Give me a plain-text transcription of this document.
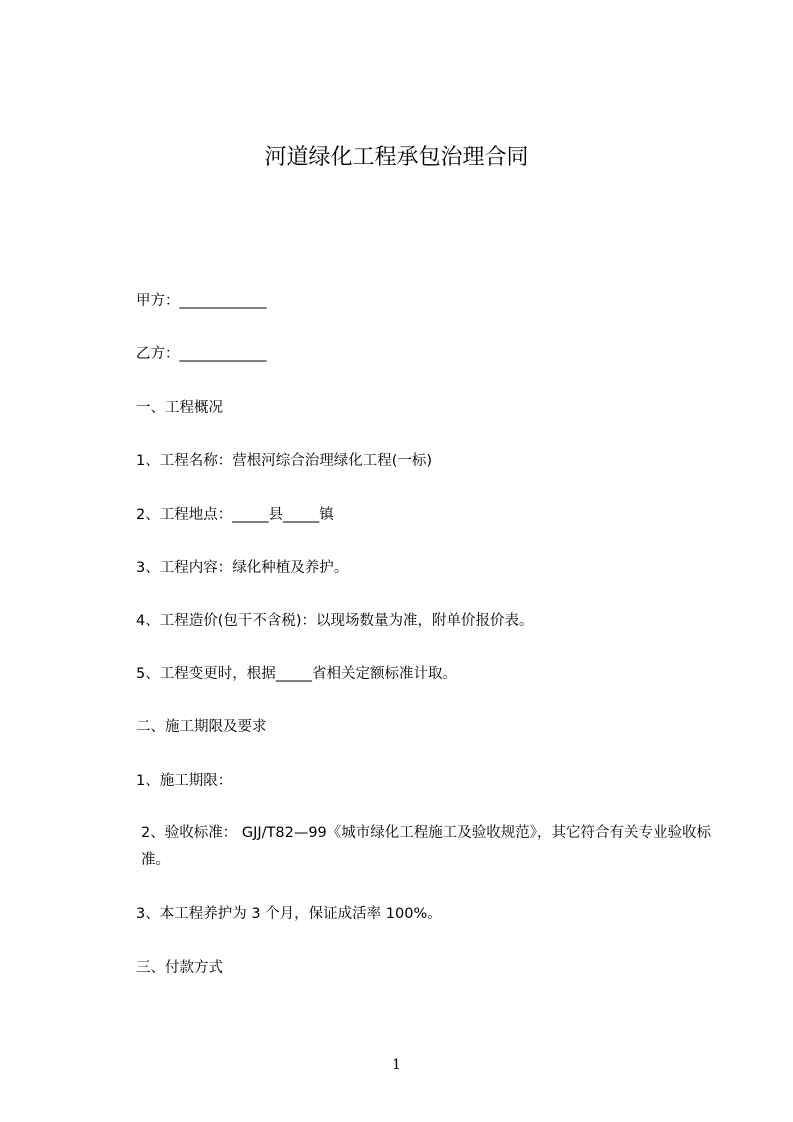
河道绿化工程承包治理合同

甲方：____________

乙方：____________

一、工程概况

1、工程名称：营根河综合治理绿化工程(一标)

2、工程地点：_____县_____镇

3、工程内容：绿化种植及养护。

4、工程造价(包干不含税)：以现场数量为准，附单价报价表。

5、工程变更时，根据_____省相关定额标准计取。

二、施工期限及要求

1、施工期限：

2、验收标准： GJJ/T82—99《城市绿化工程施工及验收规范》，其它符合有关专业验收标准。

3、本工程养护为 3 个月，保证成活率 100%。

三、付款方式

1
